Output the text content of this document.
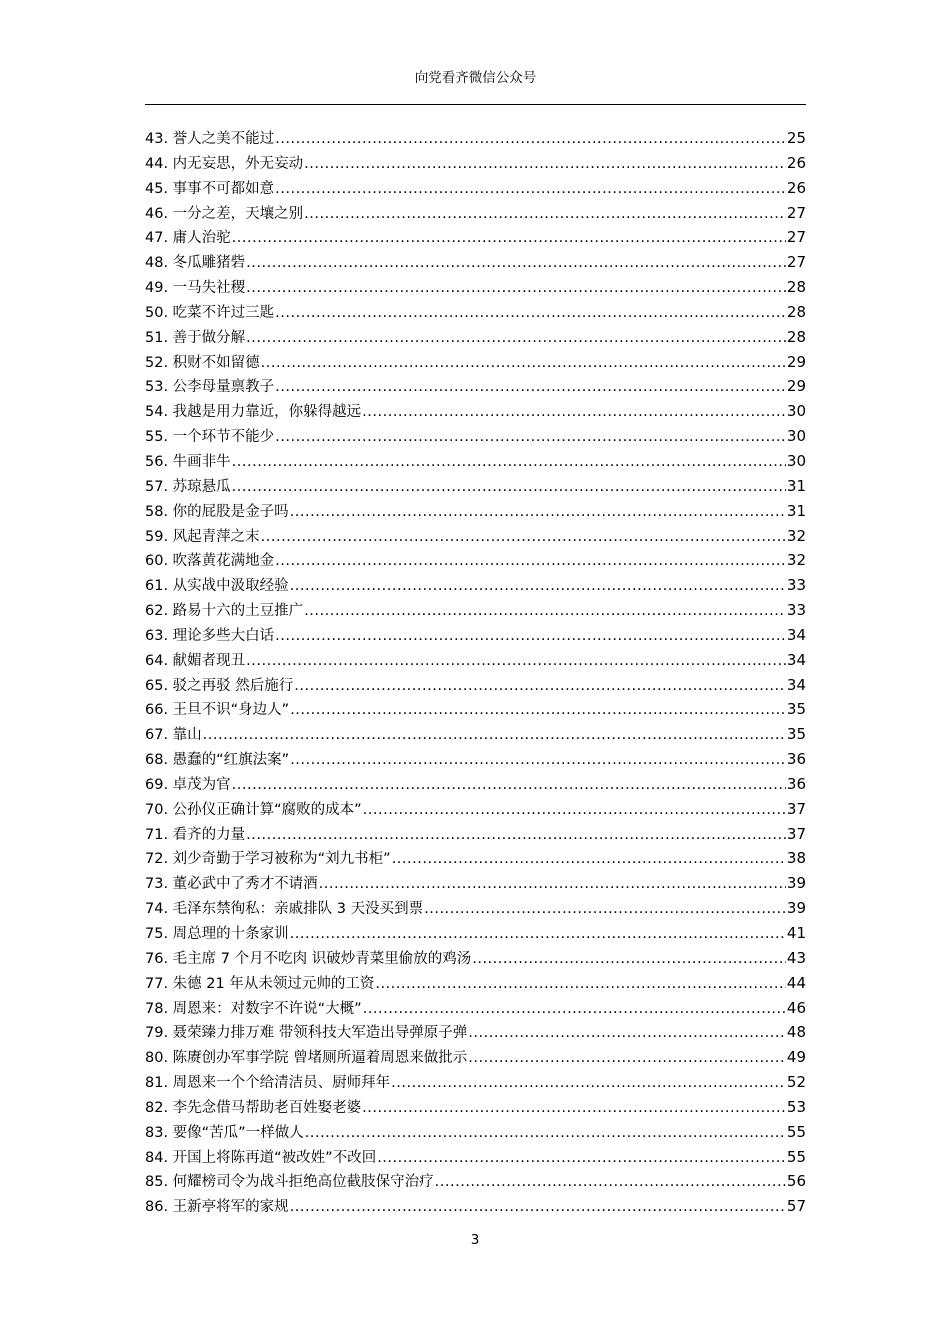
向党看齐微信公众号
43. 誉人之美不能过 .....	25
44. 内无妄思，外无妄动 .....	26
45. 事事不可都如意 .....	26
46. 一分之差，天壤之别 .....	27
47. 庸人治驼 .....	27
48. 冬瓜雕猪砦 .....	27
49. 一马失社稷 .....	28
50. 吃菜不许过三匙 .....	28
51. 善于做分解 .....	28
52. 积财不如留德 .....	29
53. 公李母量禀教子 .....	29
54. 我越是用力靠近，你躲得越远 .....	30
55. 一个环节不能少 .....	30
56. 牛画非牛 .....	30
57. 苏琼悬瓜 .....	31
58. 你的屁股是金子吗 .....	31
59. 风起青萍之末 .....	32
60. 吹落黄花满地金 .....	32
61. 从实战中汲取经验 .....	33
62. 路易十六的土豆推广 .....	33
63. 理论多些大白话 .....	34
64. 献媚者现丑 .....	34
65. 驳之再驳 然后施行 .....	34
66. 王旦不识“身边人” .....	35
67. 靠山 .....	35
68. 愚蠢的“红旗法案” .....	36
69. 卓茂为官 .....	36
70. 公孙仪正确计算“腐败的成本” .....	37
71. 看齐的力量 .....	37
72. 刘少奇勤于学习被称为“刘九书柜” .....	38
73. 董必武中了秀才不请酒 .....	39
74. 毛泽东禁徇私：亲戚排队 3 天没买到票 .....	39
75. 周总理的十条家训 .....	41
76. 毛主席 7 个月不吃肉 识破炒青菜里偷放的鸡汤 .....	43
77. 朱德 21 年从未领过元帅的工资 .....	44
78. 周恩来：对数字不许说“大概” .....	46
79. 聂荣臻力排万难 带领科技大军造出导弹原子弹 .....	48
80. 陈赓创办军事学院 曾堵厕所逼着周恩来做批示 .....	49
81. 周恩来一个个给清洁员、厨师拜年 .....	52
82. 李先念借马帮助老百姓娶老婆 .....	53
83. 要像“苦瓜”一样做人 .....	55
84. 开国上将陈再道“被改姓”不改回 .....	55
85. 何耀榜司令为战斗拒绝高位截肢保守治疗 .....	56
86. 王新亭将军的家规 .....	57
3
